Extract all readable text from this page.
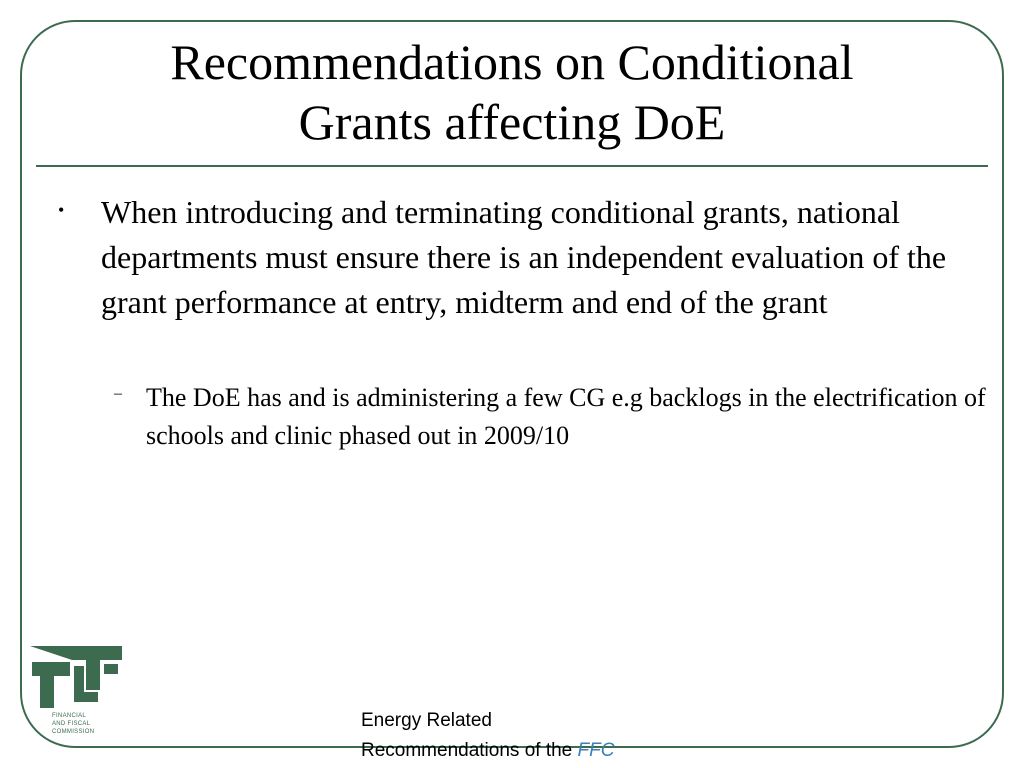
Recommendations on Conditional
Grants affecting DoE
• When introducing and terminating conditional grants, national departments must ensure there is an independent evaluation of the grant performance at entry, midterm and end of the grant
– The DoE has and is administering a few CG e.g backlogs in the electrification of schools and clinic phased out in 2009/10
FINANCIAL
AND FISCAL
COMMISSION
Energy Related
Recommendations of the FFC
